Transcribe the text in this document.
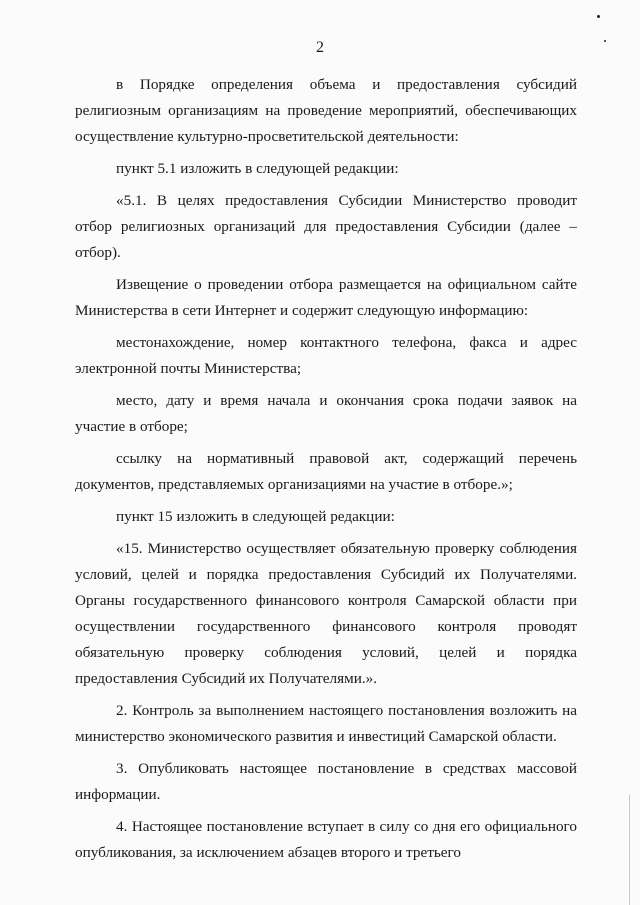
2

в Порядке определения объема и предоставления субсидий религиозным организациям на проведение мероприятий, обеспечивающих осуществление культурно-просветительской деятельности:

пункт 5.1 изложить в следующей редакции:

«5.1. В целях предоставления Субсидии Министерство проводит отбор религиозных организаций для предоставления Субсидии (далее – отбор).

Извещение о проведении отбора размещается на официальном сайте Министерства в сети Интернет и содержит следующую информацию:

местонахождение, номер контактного телефона, факса и адрес электронной почты Министерства;

место, дату и время начала и окончания срока подачи заявок на участие в отборе;

ссылку на нормативный правовой акт, содержащий перечень документов, представляемых организациями на участие в отборе.»;

пункт 15 изложить в следующей редакции:

«15. Министерство осуществляет обязательную проверку соблюдения условий, целей и порядка предоставления Субсидий их Получателями. Органы государственного финансового контроля Самарской области при осуществлении государственного финансового контроля проводят обязательную проверку соблюдения условий, целей и порядка предоставления Субсидий их Получателями.».

2. Контроль за выполнением настоящего постановления возложить на министерство экономического развития и инвестиций Самарской области.

3. Опубликовать настоящее постановление в средствах массовой информации.

4. Настоящее постановление вступает в силу со дня его официального опубликования, за исключением абзацев второго и третьего
